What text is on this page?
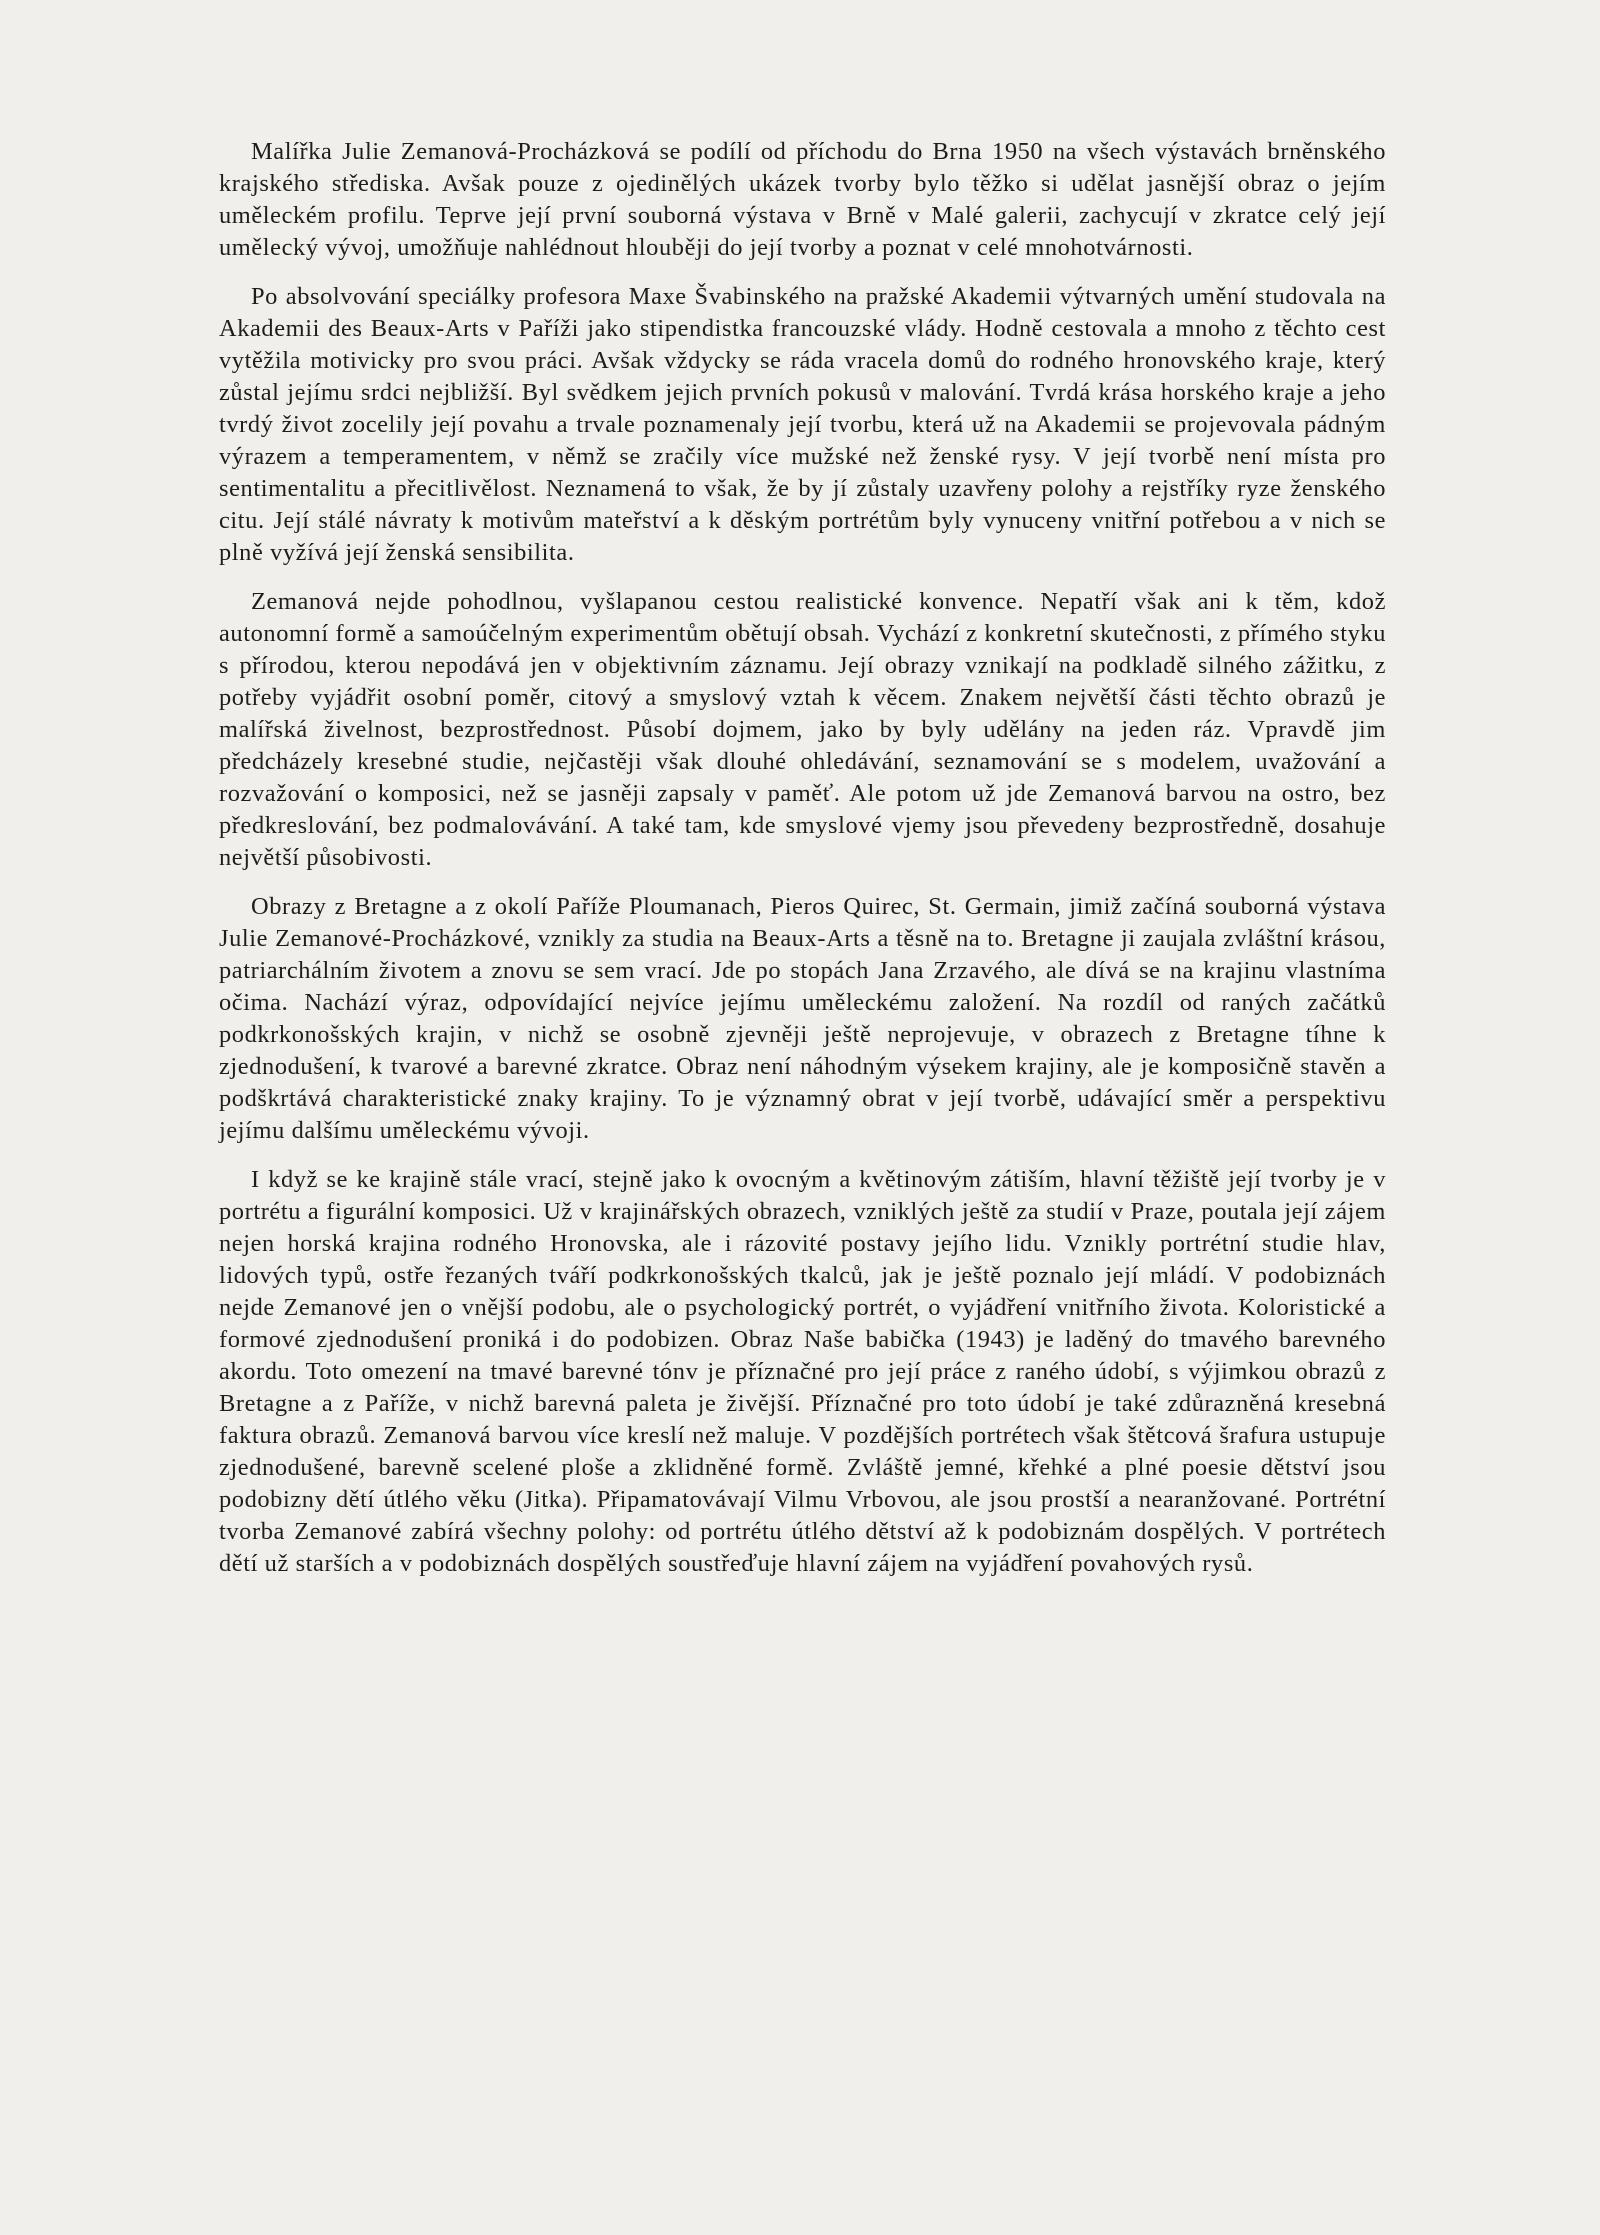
Malířka Julie Zemanová-Procházková se podílí od příchodu do Brna 1950 na všech výstavách brněnského krajského střediska. Avšak pouze z ojedinělých ukázek tvorby bylo těžko si udělat jasnější obraz o jejím uměleckém profilu. Teprve její první souborná výstava v Brně v Malé galerii, zachycují v zkratce celý její umělecký vývoj, umožňuje nahlédnout hlouběji do její tvorby a poznat v celé mnohotvárnosti.

Po absolvování speciálky profesora Maxe Švabinského na pražské Akademii výtvarných umění studovala na Akademii des Beaux-Arts v Paříži jako stipendistka francouzské vlády. Hodně cestovala a mnoho z těchto cest vytěžila motivicky pro svou práci. Avšak vždycky se ráda vracela domů do rodného hronovského kraje, který zůstal jejímu srdci nejbližší. Byl svědkem jejich prvních pokusů v malování. Tvrdá krása horského kraje a jeho tvrdý život zocelily její povahu a trvale poznamenaly její tvorbu, která už na Akademii se projevovala pádným výrazem a temperamentem, v němž se zračily více mužské než ženské rysy. V její tvorbě není místa pro sentimentalitu a přecitlivělost. Neznamená to však, že by jí zůstaly uzavřeny polohy a rejstříky ryze ženského citu. Její stálé návraty k motivům mateřství a k děským portrétům byly vynuceny vnitřní potřebou a v nich se plně vyžívá její ženská sensibilita.

Zemanová nejde pohodlnou, vyšlapanou cestou realistické konvence. Nepatří však ani k těm, kdož autonomní formě a samoúčelným experimentům obětují obsah. Vychází z konkretní skutečnosti, z přímého styku s přírodou, kterou nepodává jen v objektivním záznamu. Její obrazy vznikají na podkladě silného zážitku, z potřeby vyjádřit osobní poměr, citový a smyslový vztah k věcem. Znakem největší části těchto obrazů je malířská živelnost, bezprostřednost. Působí dojmem, jako by byly udělány na jeden ráz. Vpravdě jim předcházely kresebné studie, nejčastěji však dlouhé ohledávání, seznamování se s modelem, uvažování a rozvažování o komposici, než se jasněji zapsaly v paměť. Ale potom už jde Zemanová barvou na ostro, bez předkreslování, bez podmalovávání. A také tam, kde smyslové vjemy jsou převedeny bezprostředně, dosahuje největší působivosti.

Obrazy z Bretagne a z okolí Paříže Ploumanach, Pieros Quirec, St. Germain, jimiž začíná souborná výstava Julie Zemanové-Procházkové, vznikly za studia na Beaux-Arts a těsně na to. Bretagne ji zaujala zvláštní krásou, patriarchálním životem a znovu se sem vrací. Jde po stopách Jana Zrzavého, ale dívá se na krajinu vlastníma očima. Nachází výraz, odpovídající nejvíce jejímu uměleckému založení. Na rozdíl od raných začátků podkrkonošských krajin, v nichž se osobně zjevněji ještě neprojevuje, v obrazech z Bretagne tíhne k zjednodušení, k tvarové a barevné zkratce. Obraz není náhodným výsekem krajiny, ale je komposičně stavěn a podškrtává charakteristické znaky krajiny. To je významný obrat v její tvorbě, udávající směr a perspektivu jejímu dalšímu uměleckému vývoji.

I když se ke krajině stále vrací, stejně jako k ovocným a květinovým zátiším, hlavní těžiště její tvorby je v portrétu a figurální komposici. Už v krajinářských obrazech, vzniklých ještě za studií v Praze, poutala její zájem nejen horská krajina rodného Hronovska, ale i rázovité postavy jejího lidu. Vznikly portrétní studie hlav, lidových typů, ostře řezaných tváří podkrkonošských tkalců, jak je ještě poznalo její mládí. V podobiznách nejde Zemanové jen o vnější podobu, ale o psychologický portrét, o vyjádření vnitřního života. Koloristické a formové zjednodušení proniká i do podobizen. Obraz Naše babička (1943) je laděný do tmavého barevného akordu. Toto omezení na tmavé barevné tónv je příznačné pro její práce z raného údobí, s výjimkou obrazů z Bretagne a z Paříže, v nichž barevná paleta je živější. Příznačné pro toto údobí je také zdůrazněná kresebná faktura obrazů. Zemanová barvou více kreslí než maluje. V pozdějších portrétech však štětcová šrafura ustupuje zjednodušené, barevně scelené ploše a zklidněné formě. Zvláště jemné, křehké a plné poesie dětství jsou podobizny dětí útlého věku (Jitka). Připamatovávají Vilmu Vrbovou, ale jsou prostší a nearanžované. Portrétní tvorba Zemanové zabírá všechny polohy: od portrétu útlého dětství až k podobiznám dospělých. V portrétech dětí už starších a v podobiznách dospělých soustřeďuje hlavní zájem na vyjádření povahových rysů.
